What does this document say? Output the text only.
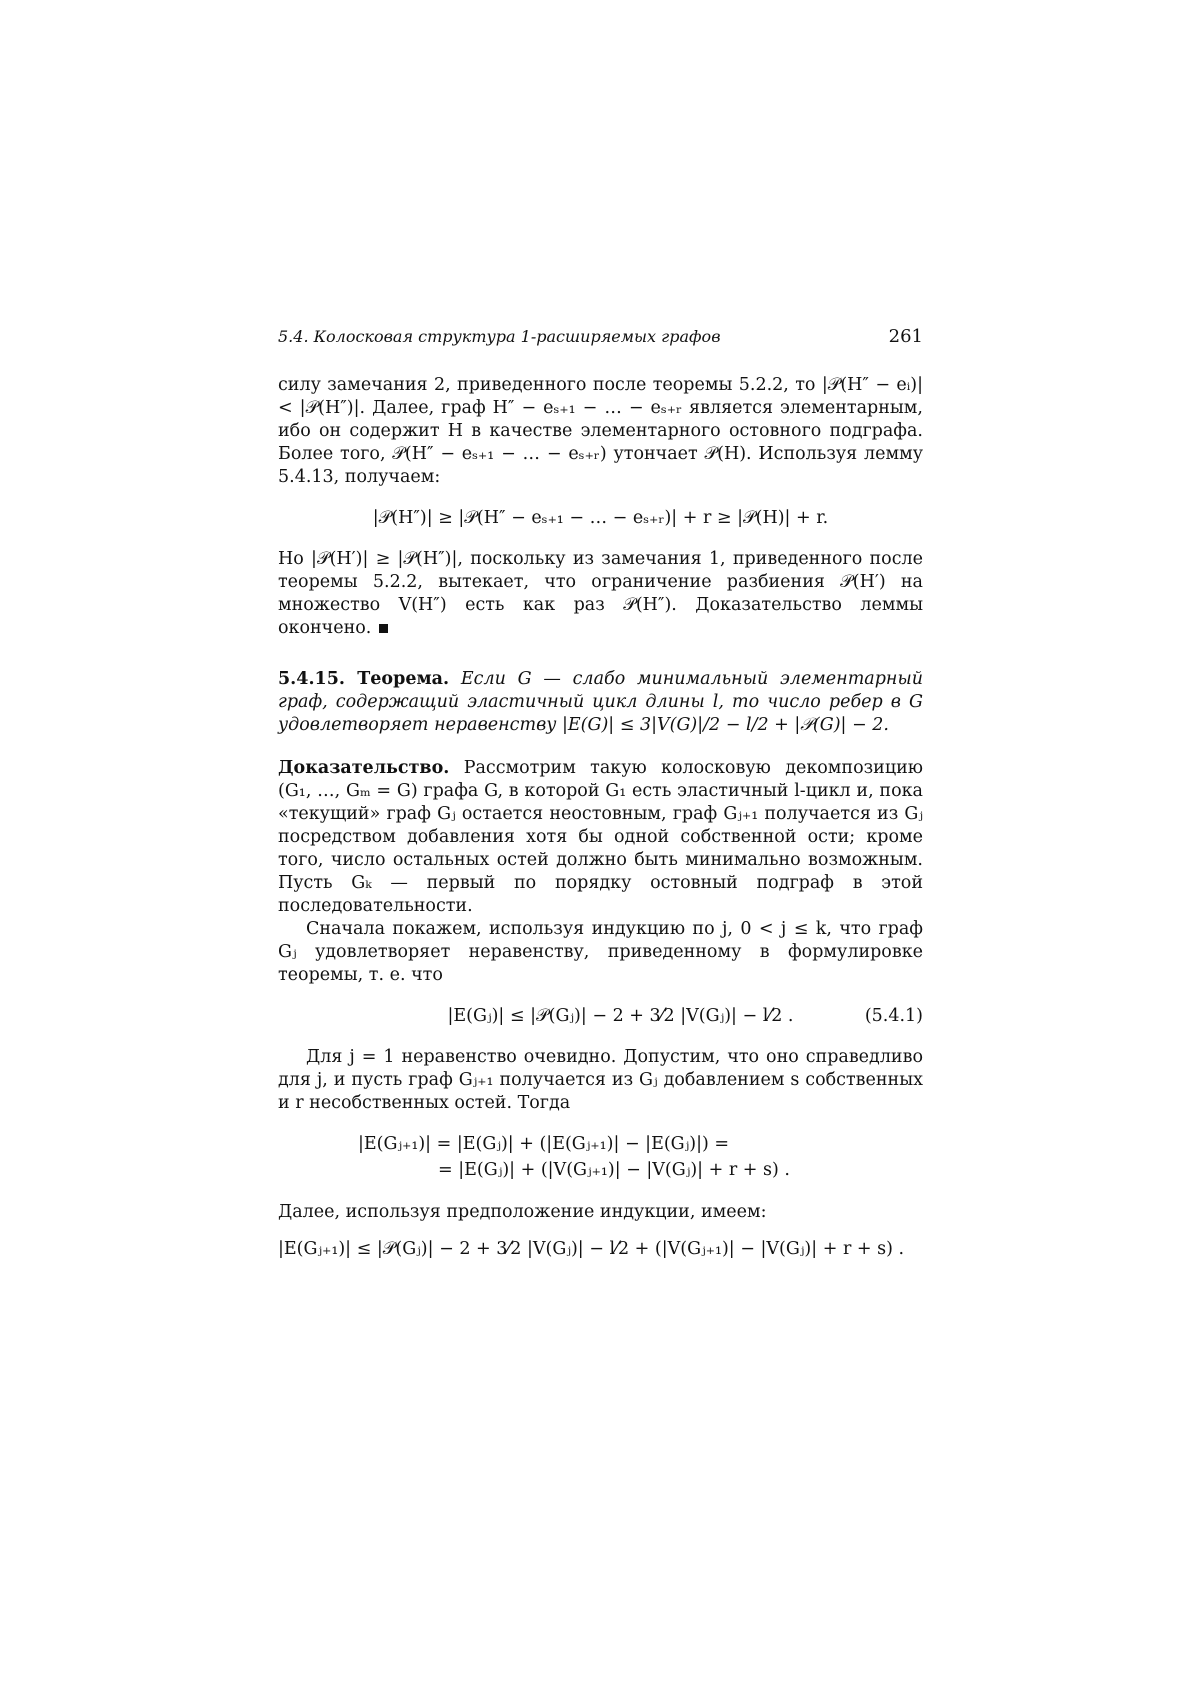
5.4. Колосковая структура 1-расширяемых графов	261

силу замечания 2, приведенного после теоремы 5.2.2, то |𝒫(H″ − eᵢ)| < |𝒫(H″)|. Далее, граф H″ − eₛ₊₁ − … − eₛ₊ᵣ является элементарным, ибо он содержит H в качестве элементарного остовного подграфа. Более того, 𝒫(H″ − eₛ₊₁ − … − eₛ₊ᵣ) утончает 𝒫(H). Используя лемму 5.4.13, получаем:

|𝒫(H″)| ≥ |𝒫(H″ − eₛ₊₁ − … − eₛ₊ᵣ)| + r ≥ |𝒫(H)| + r.

Но |𝒫(H′)| ≥ |𝒫(H″)|, поскольку из замечания 1, приведенного после теоремы 5.2.2, вытекает, что ограничение разбиения 𝒫(H′) на множество V(H″) есть как раз 𝒫(H″). Доказательство леммы окончено.

5.4.15. Теорема. Если G — слабо минимальный элементарный граф, содержащий эластичный цикл длины l, то число ребер в G удовлетворяет неравенству |E(G)| ≤ 3|V(G)|/2 − l/2 + |𝒫(G)| − 2.

Доказательство. Рассмотрим такую колосковую декомпозицию (G₁, …, Gₘ = G) графа G, в которой G₁ есть эластичный l-цикл и, пока «текущий» граф Gⱼ остается неостовным, граф Gⱼ₊₁ получается из Gⱼ посредством добавления хотя бы одной собственной ости; кроме того, число остальных остей должно быть минимально возможным. Пусть Gₖ — первый по порядку остовный подграф в этой последовательности.

Сначала покажем, используя индукцию по j, 0 < j ≤ k, что граф Gⱼ удовлетворяет неравенству, приведенному в формулировке теоремы, т. е. что

|E(Gⱼ)| ≤ |𝒫(Gⱼ)| − 2 + 3⁄2 |V(Gⱼ)| − l⁄2 .	(5.4.1)

Для j = 1 неравенство очевидно. Допустим, что оно справедливо для j, и пусть граф Gⱼ₊₁ получается из Gⱼ добавлением s собственных и r несобственных остей. Тогда

|E(Gⱼ₊₁)| = |E(Gⱼ)| + (|E(Gⱼ₊₁)| − |E(Gⱼ)|) =
= |E(Gⱼ)| + (|V(Gⱼ₊₁)| − |V(Gⱼ)| + r + s) .

Далее, используя предположение индукции, имеем:

|E(Gⱼ₊₁)| ≤ |𝒫(Gⱼ)| − 2 + 3⁄2 |V(Gⱼ)| − l⁄2 + (|V(Gⱼ₊₁)| − |V(Gⱼ)| + r + s) .
